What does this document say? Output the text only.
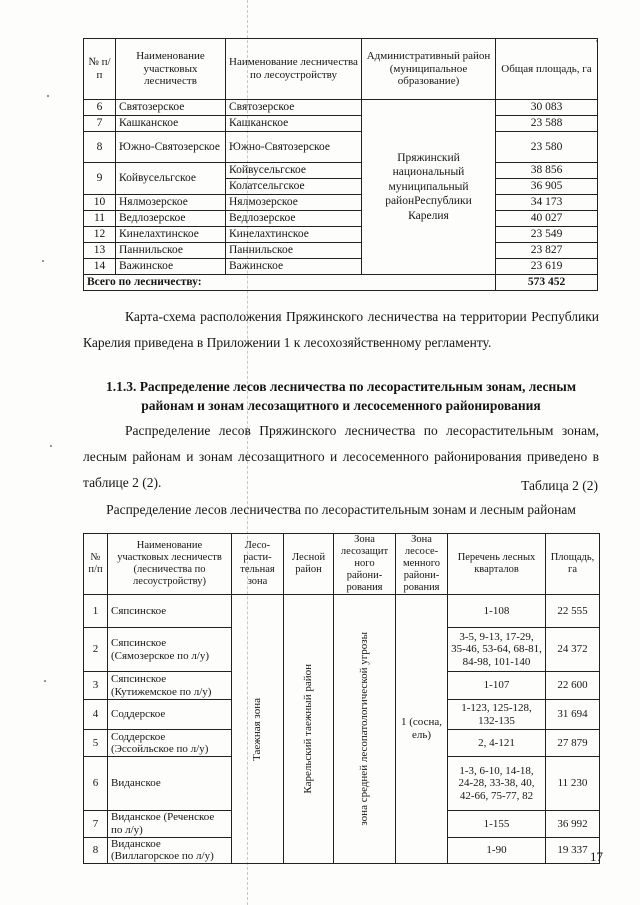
№ п/п	Наименование участковых лесничеств	Наименование лесничества по лесоустройству	Административный район (муниципальное образование)	Общая площадь, га
6	Святозерское	Святозерское	Пряжинский национальный муниципальный районРеспублики Карелия	30 083
7	Кашканское	Кашканское		23 588
8	Южно-Святозерское	Южно-Святозерское		23 580
9	Койвусельгское	Койвусельгское		38 856
		Колатсельгское		36 905
10	Нялмозерское	Нялмозерское		34 173
11	Ведлозерское	Ведлозерское		40 027
12	Кинелахтинское	Кинелахтинское		23 549
13	Паннильское	Паннильское		23 827
14	Важинское	Важинское		23 619
Всего по лесничеству:				573 452
Карта-схема расположения Пряжинского лесничества на территории Республики Карелия приведена в Приложении 1 к лесохозяйственному регламенту.
1.1.3. Распределение лесов лесничества по лесорастительным зонам, лесным районам и зонам лесозащитного и лесосеменного районирования
Распределение лесов Пряжинского лесничества по лесорастительным зонам, лесным районам и зонам лесозащитного и лесосеменного районирования приведено в таблице 2 (2).	Таблица 2 (2)
Распределение лесов лесничества по лесорастительным зонам и лесным районам
№ п/п	Наименование участковых лесничеств (лесничества по лесоустройству)	Лесо-расти-тельная зона	Лесной район	Зона лесозащит ного райони-рования	Зона лесосе-менного райони-рования	Перечень лесных кварталов	Площадь, га
1	Сяпсинское	Таежная зона	Карельский таежный район	зона средней лесопатологической угрозы	1 (сосна, ель)	1-108	22 555
2	Сяпсинское (Сямозерское по л/у)					3-5, 9-13, 17-29, 35-46, 53-64, 68-81, 84-98, 101-140	24 372
3	Сяпсинское (Кутижемское по л/у)					1-107	22 600
4	Соддерское					1-123, 125-128, 132-135	31 694
5	Соддерское (Эссойльское по л/у)					2, 4-121	27 879
6	Виданское					1-3, 6-10, 14-18, 24-28, 33-38, 40, 42-66, 75-77, 82	11 230
7	Виданское (Реченское по л/у)					1-155	36 992
8	Виданское (Виллагорское по л/у)					1-90	19 337 17
